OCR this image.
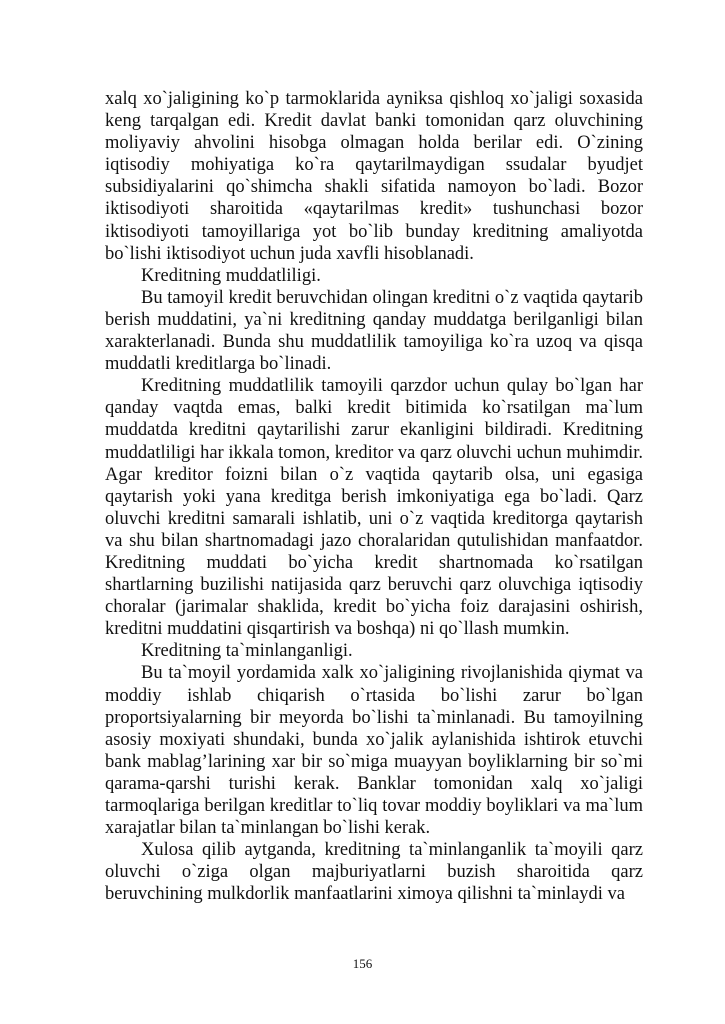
xalq xo`jaligining ko`p tarmoklarida ayniksa qishloq xo`jaligi soxasida keng tarqalgan edi. Kredit davlat banki tomonidan qarz oluvchining moliyaviy ahvolini hisobga olmagan holda berilar edi. O`zining iqtisodiy mohiyatiga ko`ra qaytarilmaydigan ssudalar byudjet subsidiyalarini qo`shimcha shakli sifatida namoyon bo`ladi. Bozor iktisodiyoti sharoitida «qaytarilmas kredit» tushunchasi bozor iktisodiyoti tamoyillariga yot bo`lib bunday kreditning amaliyotda bo`lishi iktisodiyot uchun juda xavfli hisoblanadi.

Kreditning muddatliligi.

Bu tamoyil kredit beruvchidan olingan kreditni o`z vaqtida qaytarib berish muddatini, ya`ni kreditning qanday muddatga berilganligi bilan xarakterlanadi. Bunda shu muddatlilik tamoyiliga ko`ra uzoq va qisqa muddatli kreditlarga bo`linadi.

Kreditning muddatlilik tamoyili qarzdor uchun qulay bo`lgan har qanday vaqtda emas, balki kredit bitimida ko`rsatilgan ma`lum muddatda kreditni qaytarilishi zarur ekanligini bildiradi. Kreditning muddatliligi har ikkala tomon, kreditor va qarz oluvchi uchun muhimdir. Agar kreditor foizni bilan o`z vaqtida qaytarib olsa, uni egasiga qaytarish yoki yana kreditga berish imkoniyatiga ega bo`ladi. Qarz oluvchi kreditni samarali ishlatib, uni o`z vaqtida kreditorga qaytarish va shu bilan shartnomadagi jazo choralaridan qutulishidan manfaatdor. Kreditning muddati bo`yicha kredit shartnomada ko`rsatilgan shartlarning buzilishi natijasida qarz beruvchi qarz oluvchiga iqtisodiy choralar (jarimalar shaklida, kredit bo`yicha foiz darajasini oshirish, kreditni muddatini qisqartirish va boshqa) ni qo`llash mumkin.

Kreditning ta`minlanganligi.

Bu ta`moyil yordamida xalk xo`jaligining rivojlanishida qiymat va moddiy ishlab chiqarish o`rtasida bo`lishi zarur bo`lgan proportsiyalarning bir meyorda bo`lishi ta`minlanadi. Bu tamoyilning asosiy moxiyati shundaki, bunda xo`jalik aylanishida ishtirok etuvchi bank mablag’larining xar bir so`miga muayyan boyliklarning bir so`mi qarama-qarshi turishi kerak. Banklar tomonidan xalq xo`jaligi tarmoqlariga berilgan kreditlar to`liq tovar moddiy boyliklari va ma`lum xarajatlar bilan ta`minlangan bo`lishi kerak.

Xulosa qilib aytganda, kreditning ta`minlanganlik ta`moyili qarz oluvchi o`ziga olgan majburiyatlarni buzish sharoitida qarz beruvchining mulkdorlik manfaatlarini ximoya qilishni ta`minlaydi va

156
